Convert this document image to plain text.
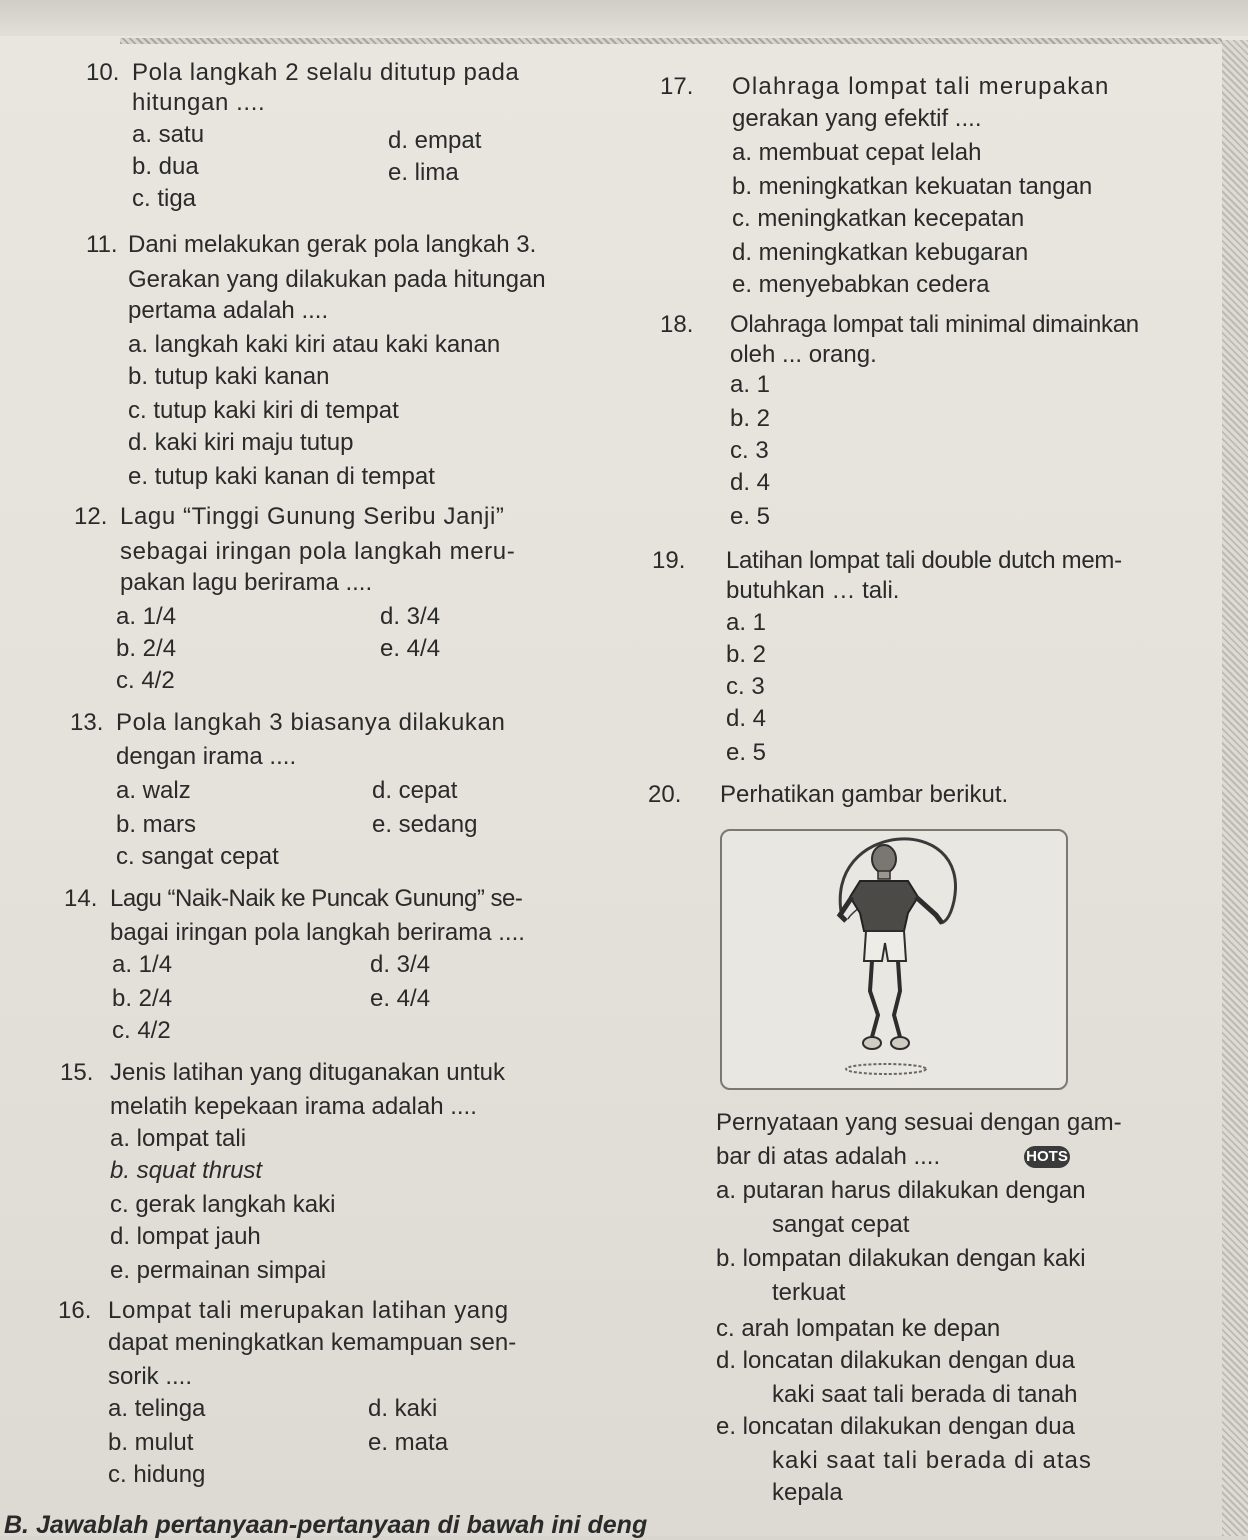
10. Pola langkah 2 selalu ditutup pada
hitungan ....
a. satu
b. dua
c. tiga
d. empat
e. lima
11. Dani melakukan gerak pola langkah 3.
Gerakan yang dilakukan pada hitungan
pertama adalah ....
a. langkah kaki kiri atau kaki kanan
b. tutup kaki kanan
c. tutup kaki kiri di tempat
d. kaki kiri maju tutup
e. tutup kaki kanan di tempat
12. Lagu “Tinggi Gunung Seribu Janji”
sebagai iringan pola langkah meru-
pakan lagu berirama ....
a. 1/4
b. 2/4
c. 4/2
d. 3/4
e. 4/4
13. Pola langkah 3 biasanya dilakukan
dengan irama ....
a. walz
b. mars
c. sangat cepat
d. cepat
e. sedang
14. Lagu “Naik-Naik ke Puncak Gunung” se-
bagai iringan pola langkah berirama ....
a. 1/4
b. 2/4
c. 4/2
d. 3/4
e. 4/4
15. Jenis latihan yang dituganakan untuk
melatih kepekaan irama adalah ....
a. lompat tali
b. squat thrust
c. gerak langkah kaki
d. lompat jauh
e. permainan simpai
16. Lompat tali merupakan latihan yang
dapat meningkatkan kemampuan sen-
sorik ....
a. telinga
b. mulut
c. hidung
d. kaki
e. mata
17. Olahraga lompat tali merupakan
gerakan yang efektif ....
a. membuat cepat lelah
b. meningkatkan kekuatan tangan
c. meningkatkan kecepatan
d. meningkatkan kebugaran
e. menyebabkan cedera
18. Olahraga lompat tali minimal dimainkan
oleh ... orang.
a. 1
b. 2
c. 3
d. 4
e. 5
19. Latihan lompat tali double dutch mem-
butuhkan … tali.
a. 1
b. 2
c. 3
d. 4
e. 5
20. Perhatikan gambar berikut.
Pernyataan yang sesuai dengan gam-
bar di atas adalah ....	HOTS
a. putaran harus dilakukan dengan
sangat cepat
b. lompatan dilakukan dengan kaki
terkuat
c. arah lompatan ke depan
d. loncatan dilakukan dengan dua
kaki saat tali berada di tanah
e. loncatan dilakukan dengan dua
kaki saat tali berada di atas
kepala
B. Jawablah pertanyaan-pertanyaan di bawah ini deng
